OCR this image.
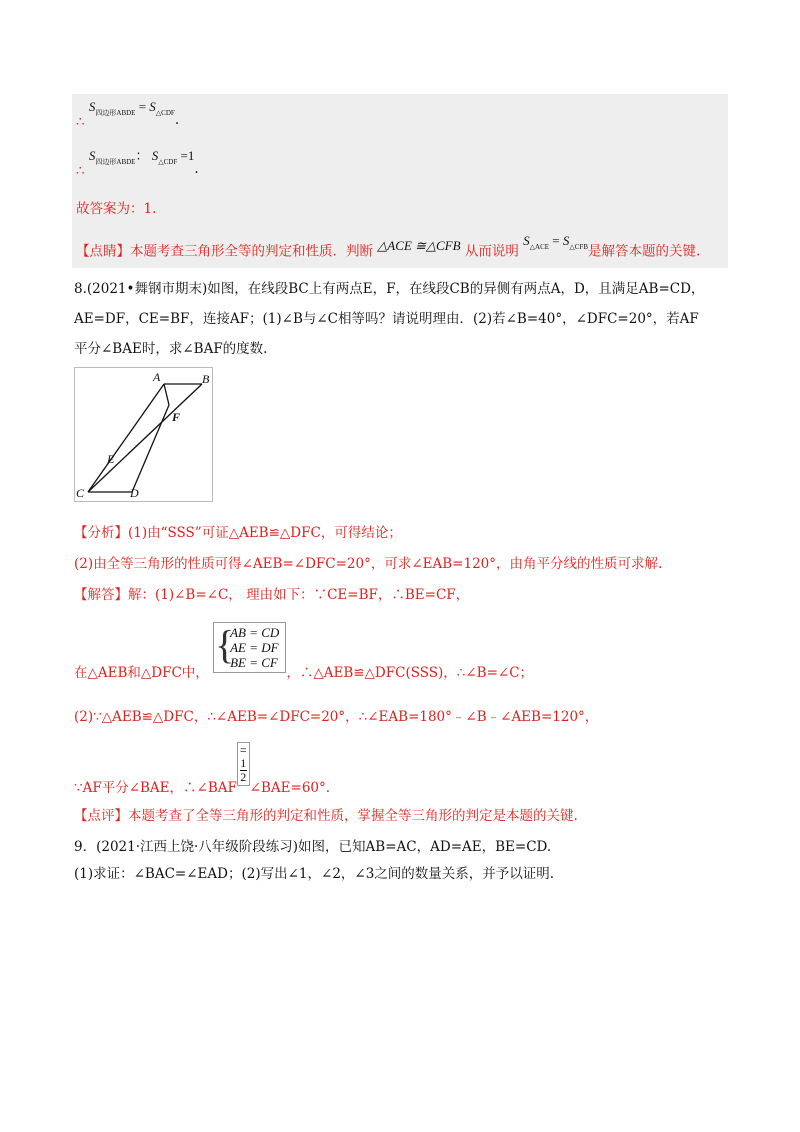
∴ $S_{四边形ABDE} = S_{\triangle CDF}$.
∴ $S_{四边形ABDE}$： $S_{\triangle CDF} =1$.
故答案为：1.
【点睛】本题考查三角形全等的判定和性质．判断 △ACE ≅△CFB 从而说明 $S_{\triangle ACE} = S_{\triangle CFB}$是解答本题的关键.
8.(2021•舞钢市期末)如图，在线段BC上有两点E，F，在线段CB的异侧有两点A，D，且满足AB=CD，
AE=DF，CE=BF，连接AF；(1)∠B与∠C相等吗？请说明理由．(2)若∠B=40°，∠DFC=20°，若AF
平分∠BAE时，求∠BAF的度数.
A	B
F
E
C	D
【分析】(1)由“SSS”可证△AEB≌△DFC，可得结论；
(2)由全等三角形的性质可得∠AEB=∠DFC=20°，可求∠EAB=120°，由角平分线的性质可求解.
【解答】解：(1)∠B=∠C， 理由如下：∵CE=BF，∴BE=CF，
在△AEB和△DFC中，
{
AB = CD
AE = DF
BE = CF
，∴△AEB≌△DFC(SSS)，∴∠B=∠C；
(2)∵△AEB≌△DFC，∴∠AEB=∠DFC=20°，∴∠EAB=180°﹣∠B﹣∠AEB=120°，
∵AF平分∠BAE，∴∠BAF=
1
2
∠BAE=60°.
【点评】本题考查了全等三角形的判定和性质，掌握全等三角形的判定是本题的关键.
9．(2021·江西上饶·八年级阶段练习)如图，已知AB=AC，AD=AE，BE=CD.
(1)求证：∠BAC=∠EAD；(2)写出∠1，∠2，∠3之间的数量关系，并予以证明.
